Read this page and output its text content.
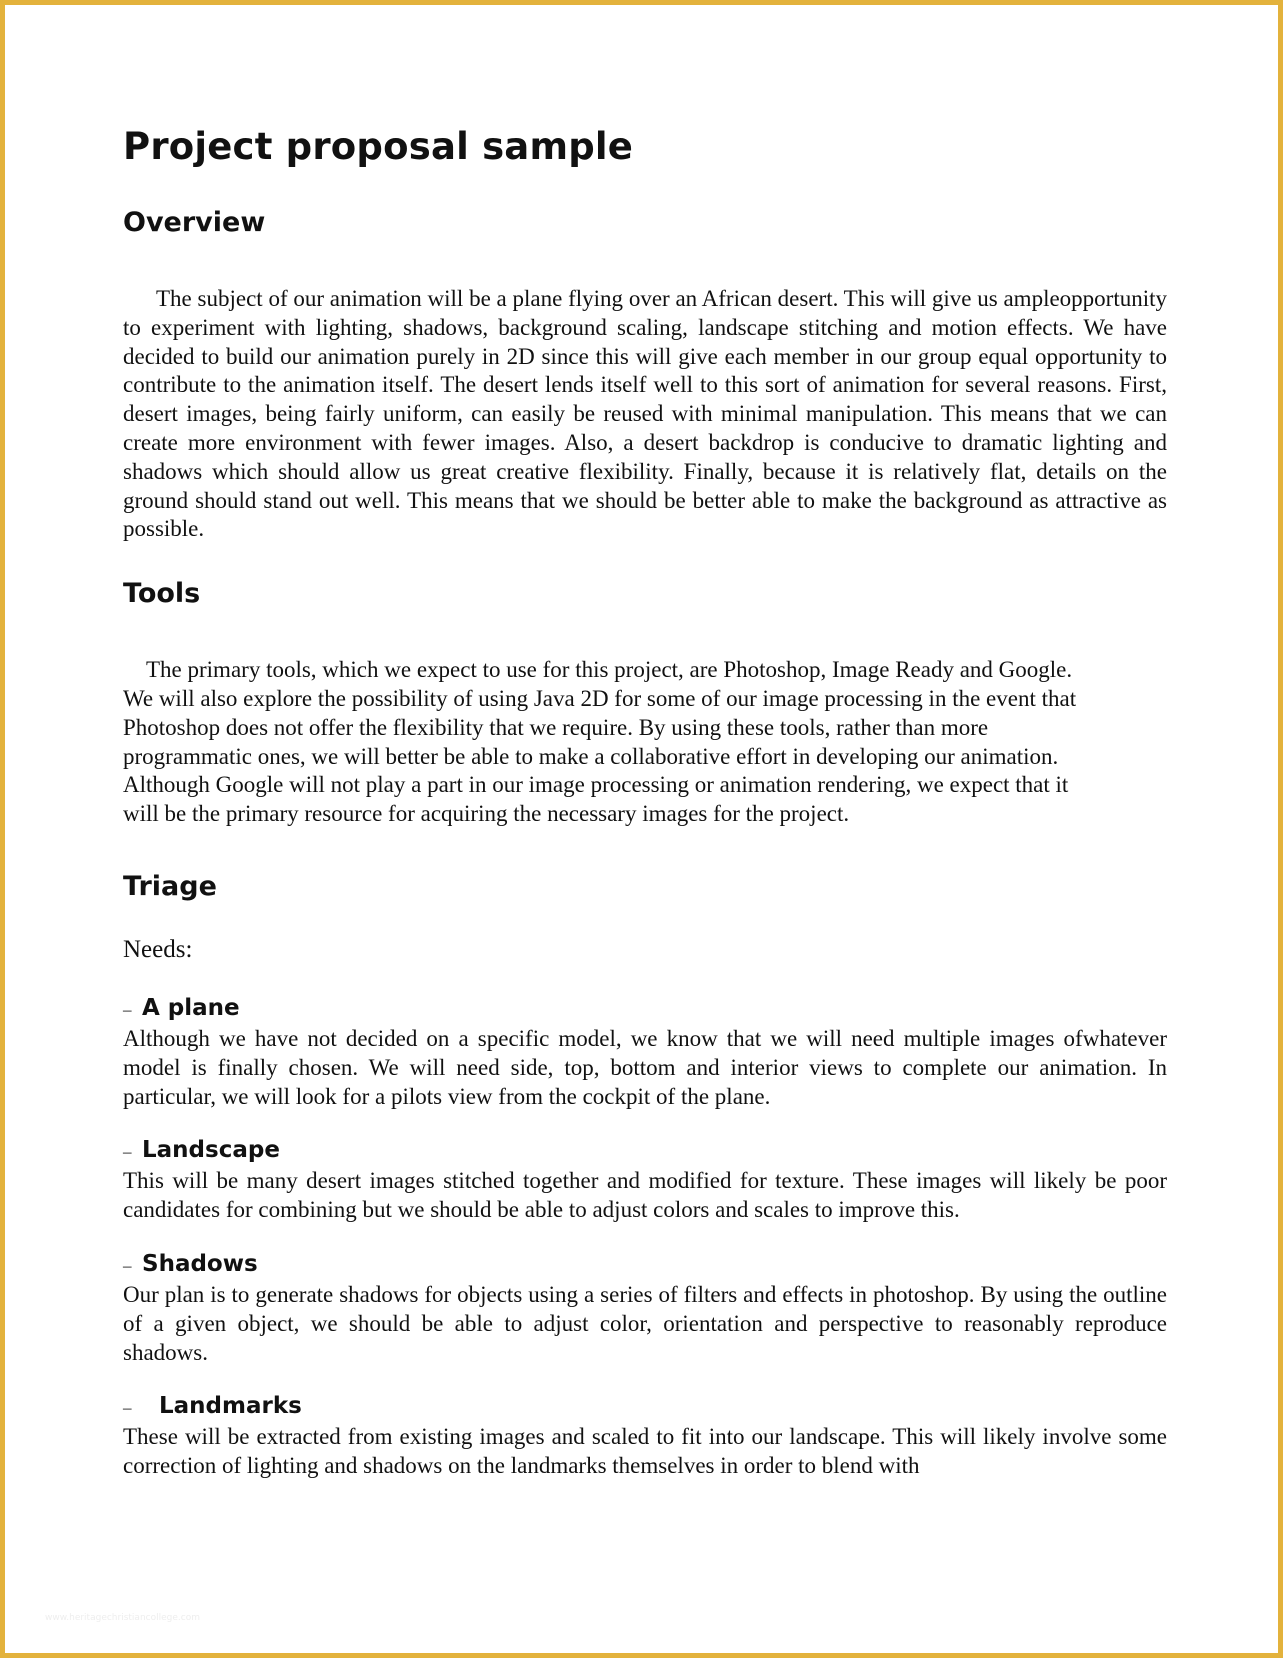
Project proposal sample
Overview

The subject of our animation will be a plane flying over an African desert. This will give us ampleopportunity to experiment with lighting, shadows, background scaling, landscape stitching and motion effects. We have decided to build our animation purely in 2D since this will give each member in our group equal opportunity to contribute to the animation itself. The desert lends itself well to this sort of animation for several reasons. First, desert images, being fairly uniform, can easily be reused with minimal manipulation. This means that we can create more environment with fewer images. Also, a desert backdrop is conducive to dramatic lighting and shadows which should allow us great creative flexibility. Finally, because it is relatively flat, details on the ground should stand out well. This means that we should be better able to make the background as attractive as possible.

Tools

The primary tools, which we expect to use for this project, are Photoshop, Image Ready and Google.

We will also explore the possibility of using Java 2D for some of our image processing in the event that

Photoshop does not offer the flexibility that we require. By using these tools, rather than more

programmatic ones, we will better be able to make a collaborative effort in developing our animation.

Although Google will not play a part in our image processing or animation rendering, we expect that it

will be the primary resource for acquiring the necessary images for the project.

Triage

Needs:

– A plane

Although we have not decided on a specific model, we know that we will need multiple images ofwhatever model is finally chosen. We will need side, top, bottom and interior views to complete our animation. In particular, we will look for a pilots view from the cockpit of the plane.

– Landscape

This will be many desert images stitched together and modified for texture. These images will likely be poor candidates for combining but we should be able to adjust colors and scales to improve this.

– Shadows

Our plan is to generate shadows for objects using a series of filters and effects in photoshop. By using the outline of a given object, we should be able to adjust color, orientation and perspective to reasonably reproduce shadows.

– Landmarks

These will be extracted from existing images and scaled to fit into our landscape. This will likely involve some correction of lighting and shadows on the landmarks themselves in order to blend with

www.heritagechristiancollege.com
